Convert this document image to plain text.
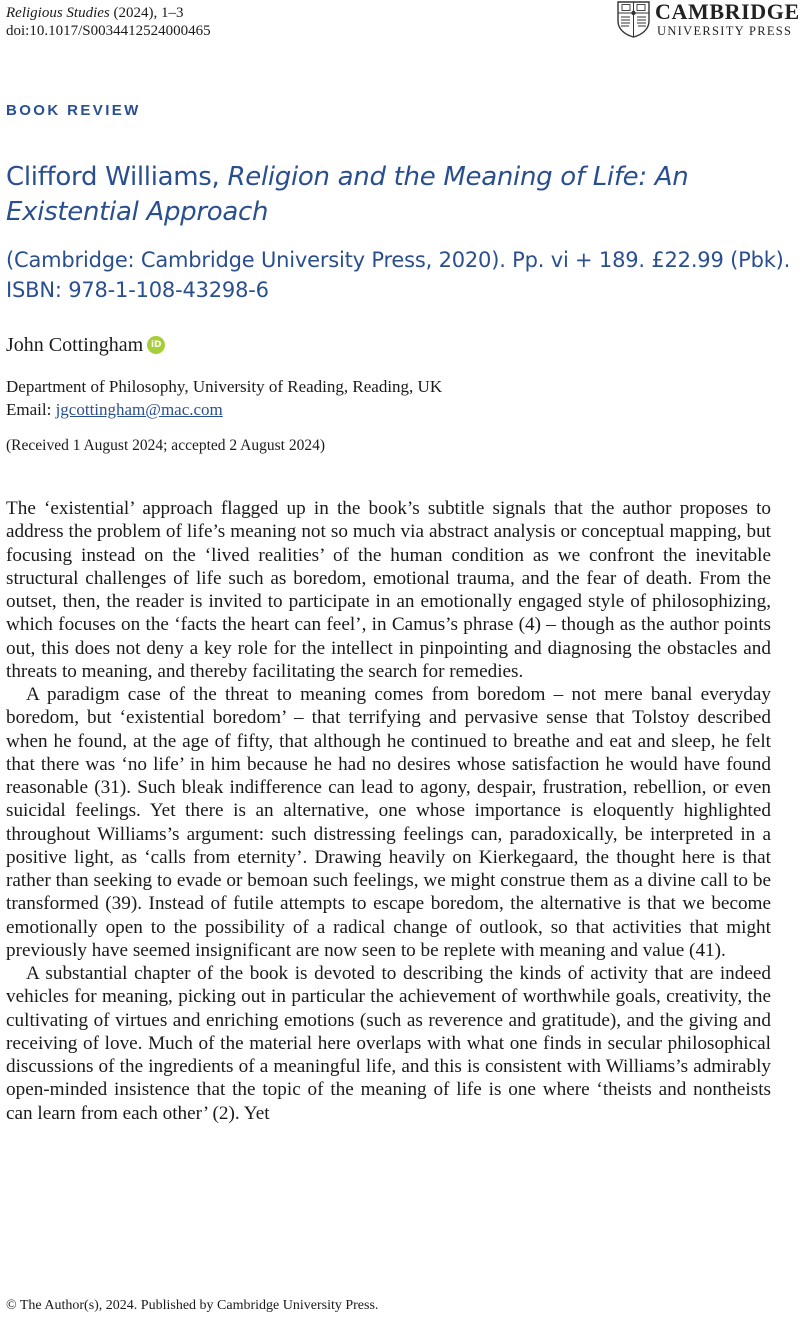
Religious Studies (2024), 1–3
doi:10.1017/S0034412524000465
CAMBRIDGE
UNIVERSITY PRESS
BOOK REVIEW
Clifford Williams, Religion and the Meaning of Life: An Existential Approach
(Cambridge: Cambridge University Press, 2020). Pp. vi + 189. £22.99 (Pbk). ISBN: 978-1-108-43298-6
John Cottingham iD
Department of Philosophy, University of Reading, Reading, UK
Email: jgcottingham@mac.com
(Received 1 August 2024; accepted 2 August 2024)

The ‘existential’ approach flagged up in the book’s subtitle signals that the author proposes to address the problem of life’s meaning not so much via abstract analysis or conceptual mapping, but focusing instead on the ‘lived realities’ of the human condition as we confront the inevitable structural challenges of life such as boredom, emotional trauma, and the fear of death. From the outset, then, the reader is invited to participate in an emotionally engaged style of philosophizing, which focuses on the ‘facts the heart can feel’, in Camus’s phrase (4) – though as the author points out, this does not deny a key role for the intellect in pinpointing and diagnosing the obstacles and threats to meaning, and thereby facilitating the search for remedies.

A paradigm case of the threat to meaning comes from boredom – not mere banal everyday boredom, but ‘existential boredom’ – that terrifying and pervasive sense that Tolstoy described when he found, at the age of fifty, that although he continued to breathe and eat and sleep, he felt that there was ‘no life’ in him because he had no desires whose satisfaction he would have found reasonable (31). Such bleak indifference can lead to agony, despair, frustration, rebellion, or even suicidal feelings. Yet there is an alternative, one whose importance is eloquently highlighted throughout Williams’s argument: such distressing feelings can, paradoxically, be interpreted in a positive light, as ‘calls from eternity’. Drawing heavily on Kierkegaard, the thought here is that rather than seeking to evade or bemoan such feelings, we might construe them as a divine call to be transformed (39). Instead of futile attempts to escape boredom, the alternative is that we become emotionally open to the possibility of a radical change of outlook, so that activities that might previously have seemed insignificant are now seen to be replete with meaning and value (41).

A substantial chapter of the book is devoted to describing the kinds of activity that are indeed vehicles for meaning, picking out in particular the achievement of worthwhile goals, creativity, the cultivating of virtues and enriching emotions (such as reverence and gratitude), and the giving and receiving of love. Much of the material here overlaps with what one finds in secular philosophical discussions of the ingredients of a meaningful life, and this is consistent with Williams’s admirably open-minded insistence that the topic of the meaning of life is one where ‘theists and nontheists can learn from each other’ (2). Yet

© The Author(s), 2024. Published by Cambridge University Press.
